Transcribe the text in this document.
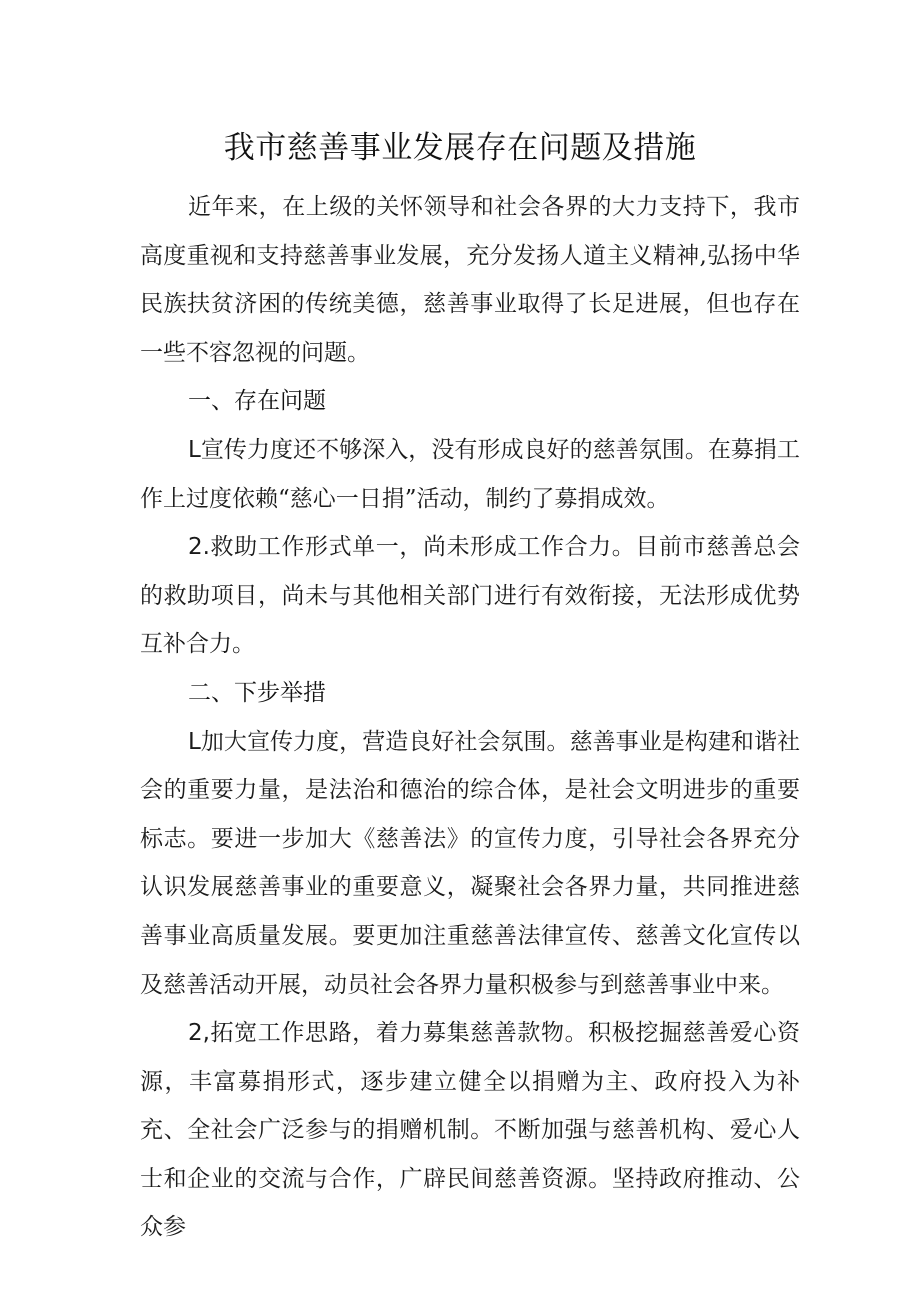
我市慈善事业发展存在问题及措施

近年来，在上级的关怀领导和社会各界的大力支持下，我市高度重视和支持慈善事业发展，充分发扬人道主义精神,弘扬中华民族扶贫济困的传统美德，慈善事业取得了长足进展，但也存在一些不容忽视的问题。

一、存在问题

L宣传力度还不够深入，没有形成良好的慈善氛围。在募捐工作上过度依赖“慈心一日捐”活动，制约了募捐成效。

2.救助工作形式单一，尚未形成工作合力。目前市慈善总会的救助项目，尚未与其他相关部门进行有效衔接，无法形成优势互补合力。

二、下步举措

L加大宣传力度，营造良好社会氛围。慈善事业是构建和谐社会的重要力量，是法治和德治的综合体，是社会文明进步的重要标志。要进一步加大《慈善法》的宣传力度，引导社会各界充分认识发展慈善事业的重要意义，凝聚社会各界力量，共同推进慈善事业高质量发展。要更加注重慈善法律宣传、慈善文化宣传以及慈善活动开展，动员社会各界力量积极参与到慈善事业中来。

2,拓宽工作思路，着力募集慈善款物。积极挖掘慈善爱心资源，丰富募捐形式，逐步建立健全以捐赠为主、政府投入为补充、全社会广泛参与的捐赠机制。不断加强与慈善机构、爱心人士和企业的交流与合作，广辟民间慈善资源。坚持政府推动、公众参
